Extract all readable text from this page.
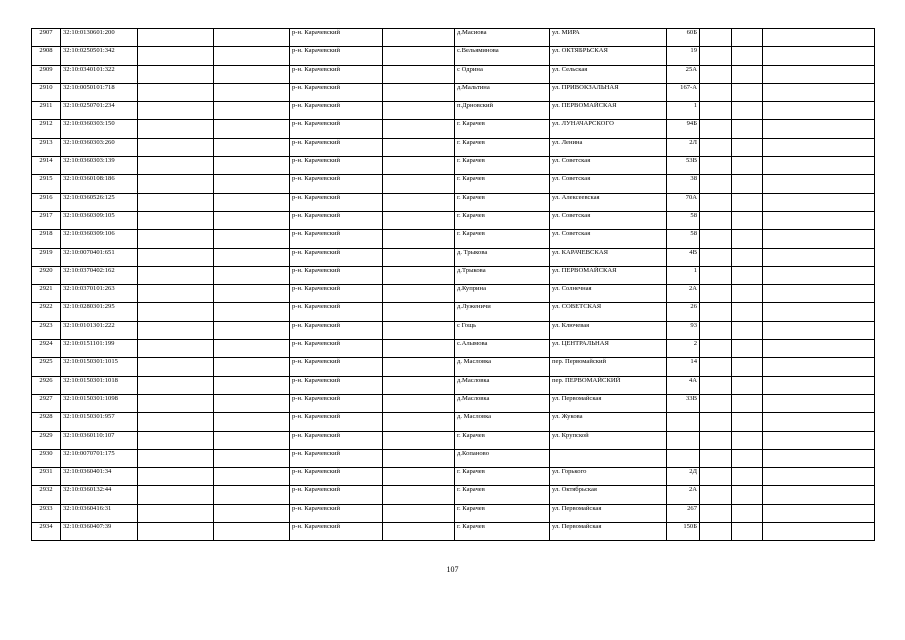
2907	32:10:0130601:200			р-н. Карачевский		д.Масиова	ул. МИРА	60Б			
2908	32:10:0250501:342			р-н. Карачевский		с.Вельяминова	ул. ОКТЯБРЬСКАЯ	19			
2909	32:10:0340101:322			р-н. Карачевский		с Одрина	ул. Сельская	25А			
2910	32:10:0050101:718			р-н. Карачевский		д.Мальтина	ул. ПРИВОКЗАЛЬНАЯ	167-А			
2911	32:10:0250701:234			р-н. Карачевский		п.Дрновский	ул. ПЕРВОМАЙСКАЯ	1			
2912	32:10:0360303:150			р-н. Карачевский		г. Карачев	ул. ЛУНАЧАРСКОГО	94Б			
2913	32:10:0360303:260			р-н. Карачевский		г. Карачев	ул. Ленина	2Л			
2914	32:10:0360303:139			р-н. Карачевский		г. Карачев	ул. Советская	53В			
2915	32:10:0360108:186			р-н. Карачевский		г. Карачев	ул. Советская	38			
2916	32:10:0360526:125			р-н. Карачевский		г. Карачев	ул. Алексеевская	70А			
2917	32:10:0360309:105			р-н. Карачевский		г. Карачев	ул. Советская	58			
2918	32:10:0360309:106			р-н. Карачевский		г. Карачев	ул. Советская	58			
2919	32:10:0070401:651			р-н. Карачевский		д. Трыкова	ул. КАРАЧЕВСКАЯ	4В			
2920	32:10:0370402:162			р-н. Карачевский		д.Трыкова	ул. ПЕРВОМАЙСКАЯ	1			
2921	32:10:0370101:263			р-н. Карачевский		д.Куприна	ул. Солнечная	2А			
2922	32:10:0280301:295			р-н. Карачевский		д.Луженичи	ул. СОВЕТСКАЯ	26			
2923	32:10:0101301:222			р-н. Карачевский		с Гощь	ул. Ключевая	93			
2924	32:10:0151101:199			р-н. Карачевский		с.Алымова	ул. ЦЕНТРАЛЬНАЯ	2			
2925	32:10:0150301:1015			р-н. Карачевский		д. Масловка	пер. Первомайский	14			
2926	32:10:0150301:1018			р-н. Карачевский		д.Масловка	пер. ПЕРВОМАЙСКИЙ	4А			
2927	32:10:0150301:1098			р-н. Карачевский		д.Масловка	ул. Первомайская	33В			
2928	32:10:0150301:957			р-н. Карачевский		д. Масловка	ул. Жукова				
2929	32:10:0360110:107			р-н. Карачевский		г. Карачев	ул. Крупской				
2930	32:10:0070701:175			р-н. Карачевский		д.Копаново					
2931	32:10:0360401:34			р-н. Карачевский		г. Карачев	ул. Горького	2Д			
2932	32:10:0360132:44			р-н. Карачевский		г. Карачев	ул. Октябрьская	2А			
2933	32:10:0360416:31			р-н. Карачевский		г. Карачев	ул. Первомайская	267			
2934	32:10:0360407:39			р-н. Карачевский		г. Карачев	ул. Первомайская	150Б			
107
